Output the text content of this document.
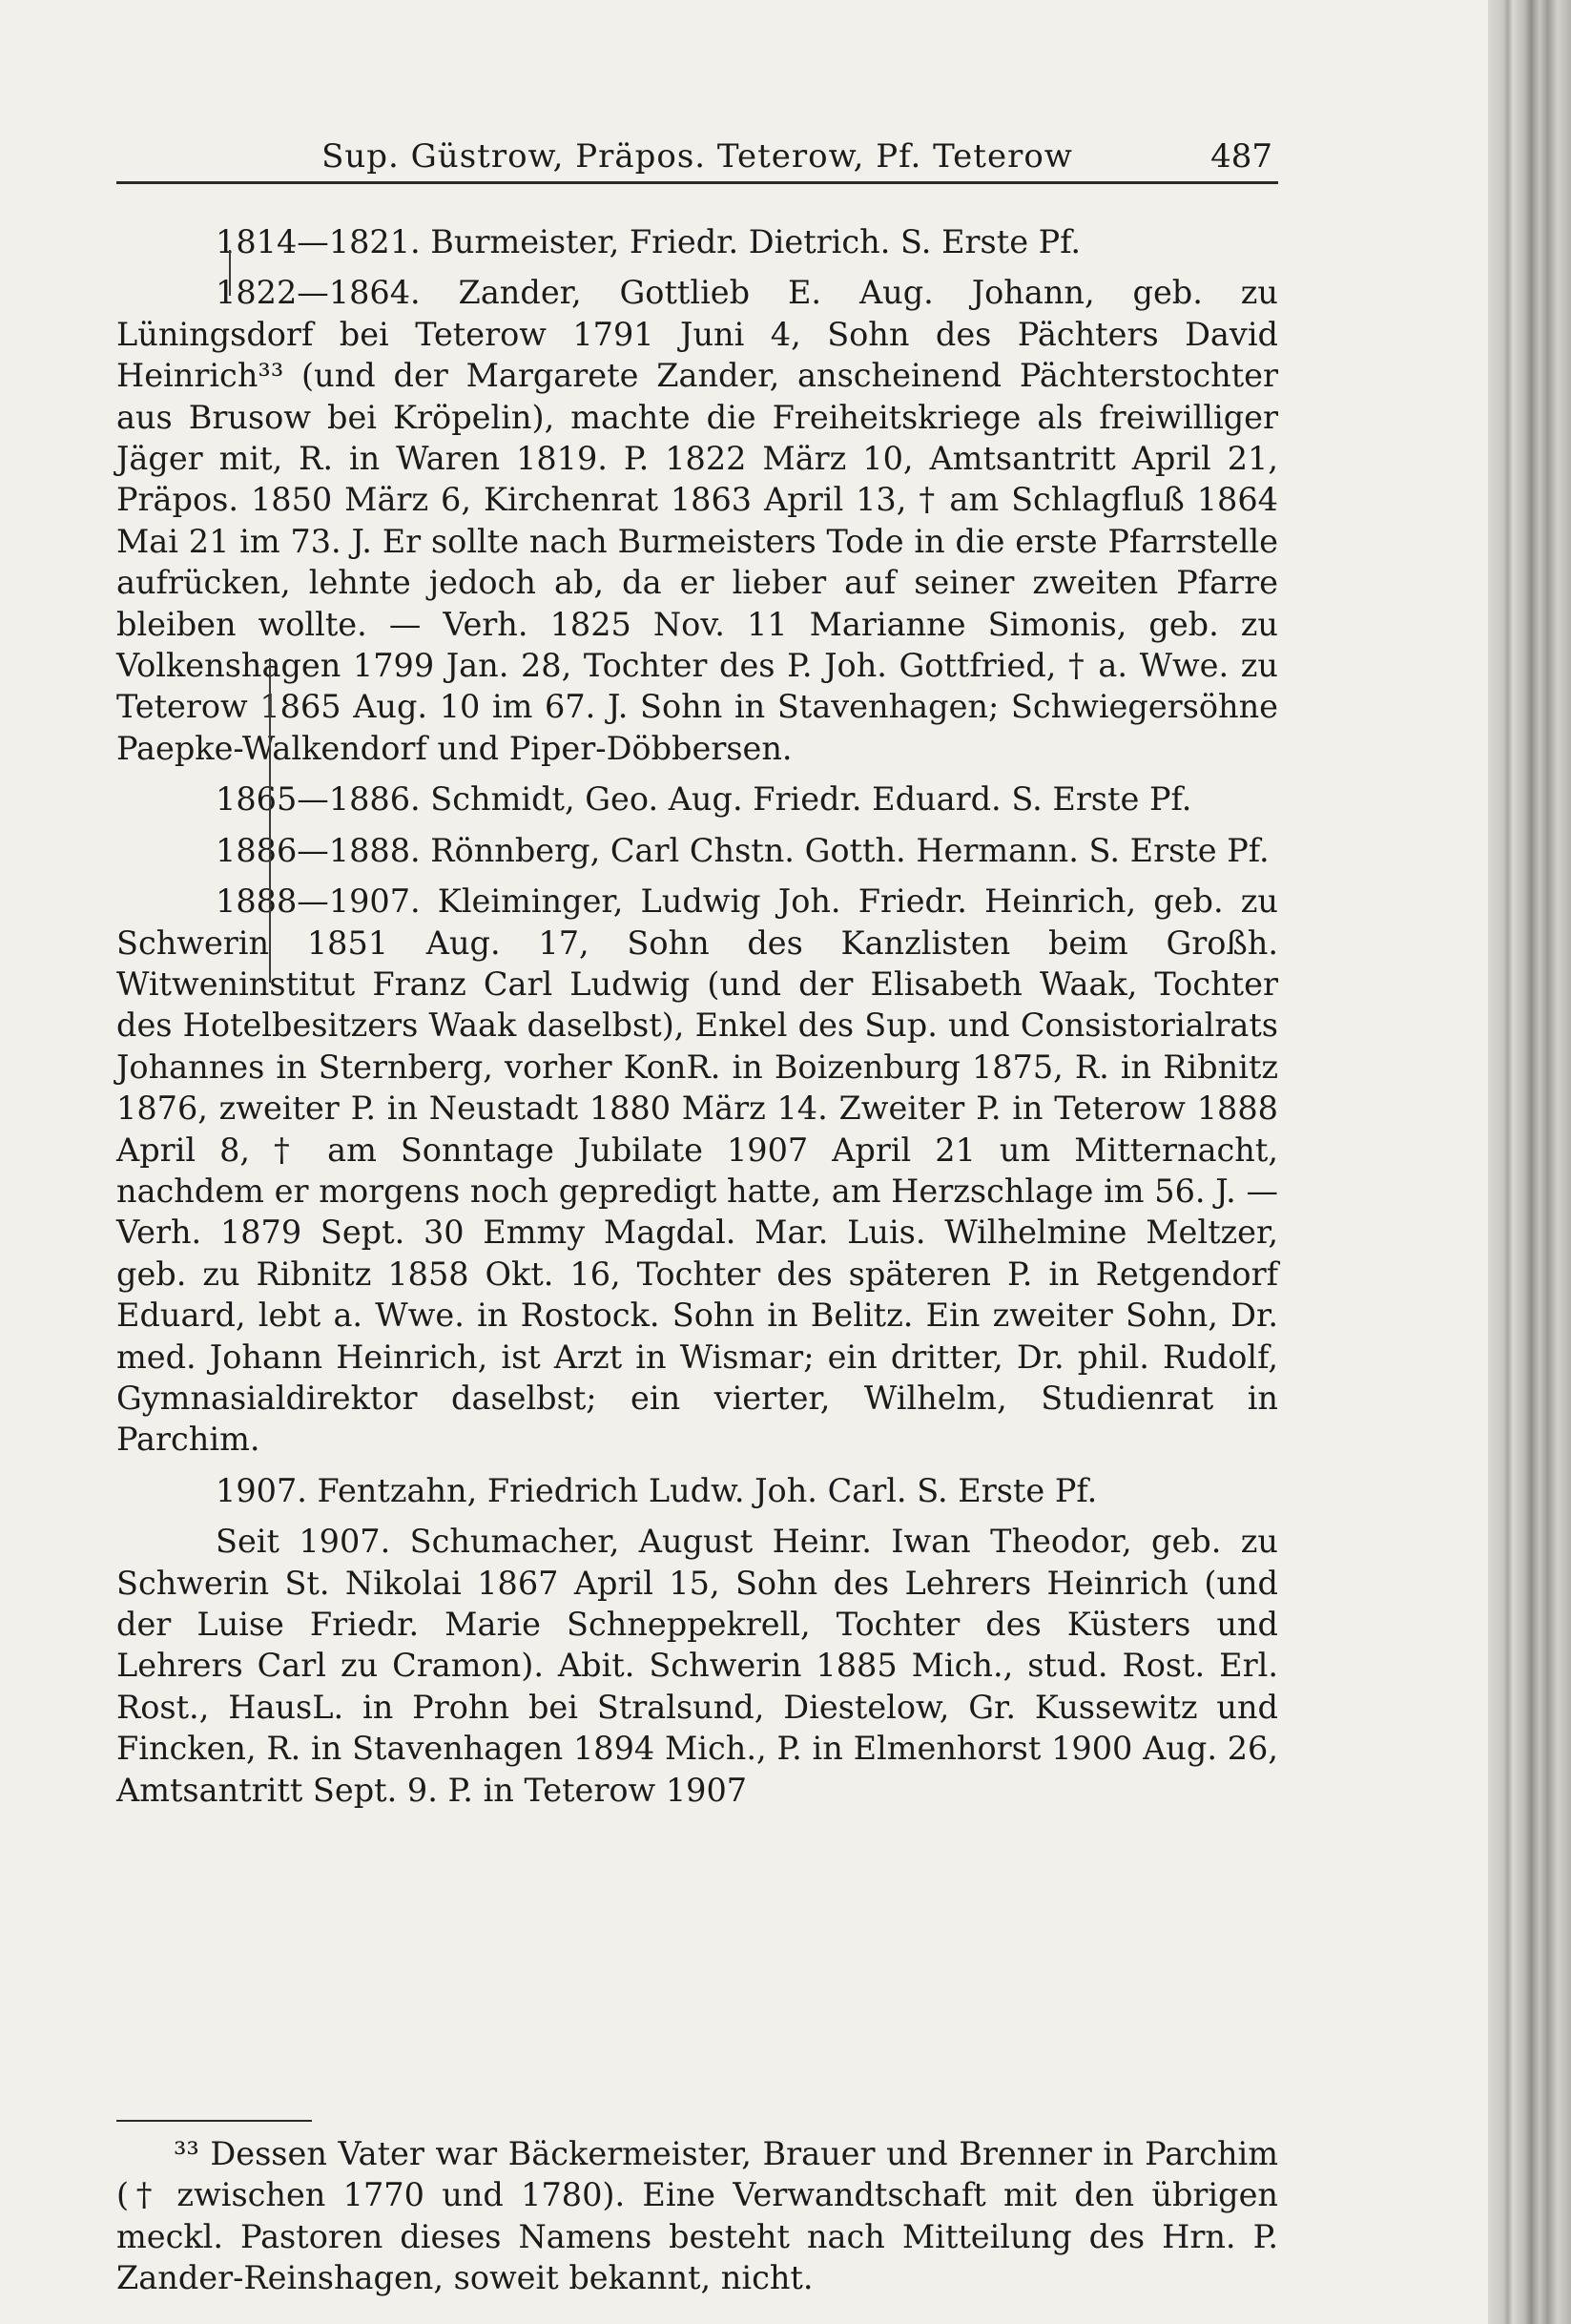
Sup. Güstrow, Präpos. Teterow, Pf. Teterow	487

1814—1821. Burmeister, Friedr. Dietrich. S. Erste Pf.

1822—1864. Zander, Gottlieb E. Aug. Johann, geb. zu Lüningsdorf bei Teterow 1791 Juni 4, Sohn des Pächters David Heinrich³³ (und der Margarete Zander, anscheinend Pächterstochter aus Brusow bei Kröpelin), machte die Freiheitskriege als freiwilliger Jäger mit, R. in Waren 1819. P. 1822 März 10, Amtsantritt April 21, Präpos. 1850 März 6, Kirchenrat 1863 April 13, † am Schlagfluß 1864 Mai 21 im 73. J. Er sollte nach Burmeisters Tode in die erste Pfarrstelle aufrücken, lehnte jedoch ab, da er lieber auf seiner zweiten Pfarre bleiben wollte. — Verh. 1825 Nov. 11 Marianne Simonis, geb. zu Volkenshagen 1799 Jan. 28, Tochter des P. Joh. Gottfried, † a. Wwe. zu Teterow 1865 Aug. 10 im 67. J. Sohn in Stavenhagen; Schwiegersöhne Paepke-Walkendorf und Piper-Döbbersen.

1865—1886. Schmidt, Geo. Aug. Friedr. Eduard. S. Erste Pf.

1886—1888. Rönnberg, Carl Chstn. Gotth. Hermann. S. Erste Pf.

1888—1907. Kleiminger, Ludwig Joh. Friedr. Heinrich, geb. zu Schwerin 1851 Aug. 17, Sohn des Kanzlisten beim Großh. Witweninstitut Franz Carl Ludwig (und der Elisabeth Waak, Tochter des Hotelbesitzers Waak daselbst), Enkel des Sup. und Consistorialrats Johannes in Sternberg, vorher KonR. in Boizenburg 1875, R. in Ribnitz 1876, zweiter P. in Neustadt 1880 März 14. Zweiter P. in Teterow 1888 April 8, † am Sonntage Jubilate 1907 April 21 um Mitternacht, nachdem er morgens noch gepredigt hatte, am Herzschlage im 56. J. — Verh. 1879 Sept. 30 Emmy Magdal. Mar. Luis. Wilhelmine Meltzer, geb. zu Ribnitz 1858 Okt. 16, Tochter des späteren P. in Retgendorf Eduard, lebt a. Wwe. in Rostock. Sohn in Belitz. Ein zweiter Sohn, Dr. med. Johann Heinrich, ist Arzt in Wismar; ein dritter, Dr. phil. Rudolf, Gymnasialdirektor daselbst; ein vierter, Wilhelm, Studienrat in Parchim.

1907. Fentzahn, Friedrich Ludw. Joh. Carl. S. Erste Pf.

Seit 1907. Schumacher, August Heinr. Iwan Theodor, geb. zu Schwerin St. Nikolai 1867 April 15, Sohn des Lehrers Heinrich (und der Luise Friedr. Marie Schneppekrell, Tochter des Küsters und Lehrers Carl zu Cramon). Abit. Schwerin 1885 Mich., stud. Rost. Erl. Rost., HausL. in Prohn bei Stralsund, Diestelow, Gr. Kussewitz und Fincken, R. in Stavenhagen 1894 Mich., P. in Elmenhorst 1900 Aug. 26, Amtsantritt Sept. 9. P. in Teterow 1907

³³ Dessen Vater war Bäckermeister, Brauer und Brenner in Parchim († zwischen 1770 und 1780). Eine Verwandtschaft mit den übrigen meckl. Pastoren dieses Namens besteht nach Mitteilung des Hrn. P. Zander-Reinshagen, soweit bekannt, nicht.
